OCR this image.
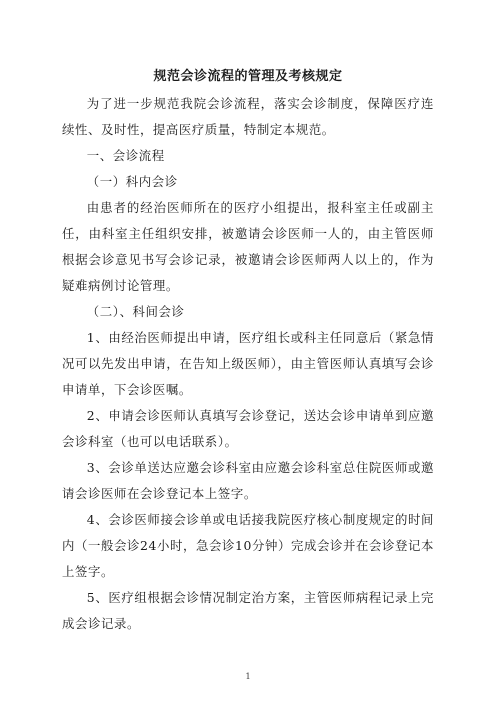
规范会诊流程的管理及考核规定

为了进一步规范我院会诊流程，落实会诊制度，保障医疗连续性、及时性，提高医疗质量，特制定本规范。

一、会诊流程

（一）科内会诊

由患者的经治医师所在的医疗小组提出，报科室主任或副主任，由科室主任组织安排，被邀请会诊医师一人的，由主管医师根据会诊意见书写会诊记录，被邀请会诊医师两人以上的，作为疑难病例讨论管理。

（二）、科间会诊

1、由经治医师提出申请，医疗组长或科主任同意后（紧急情况可以先发出申请，在告知上级医师），由主管医师认真填写会诊申请单，下会诊医嘱。

2、申请会诊医师认真填写会诊登记，送达会诊申请单到应邀会诊科室（也可以电话联系）。

3、会诊单送达应邀会诊科室由应邀会诊科室总住院医师或邀请会诊医师在会诊登记本上签字。

4、会诊医师接会诊单或电话接我院医疗核心制度规定的时间内（一般会诊24小时，急会诊10分钟）完成会诊并在会诊登记本上签字。

5、医疗组根据会诊情况制定治方案，主管医师病程记录上完成会诊记录。

1
